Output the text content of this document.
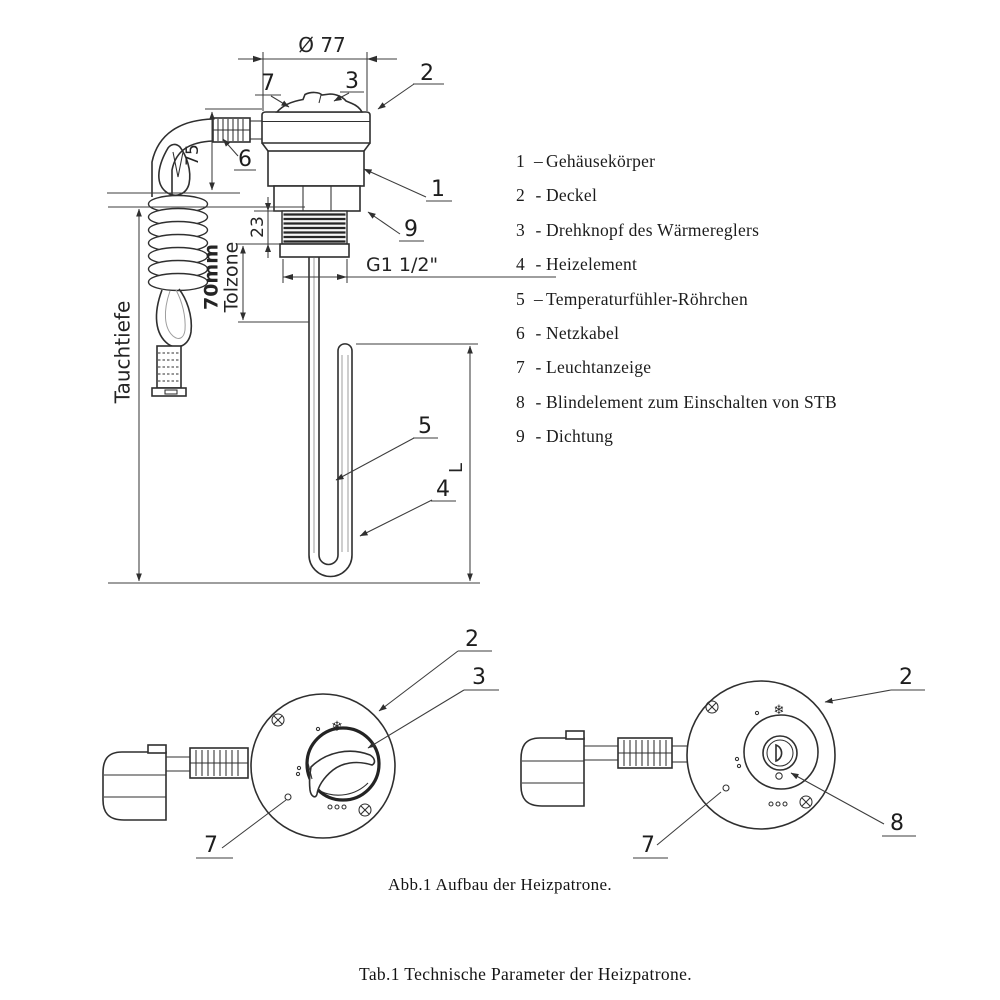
Ø 77
75
23
70mm
Tolzone	G1 1/2"
Tauchtiefe
L
7	3	2
6
1
9
5
4
❄
2
3
7
❄
2
8
7
1 – Gehäusekörper
2 - Deckel
3 - Drehknopf des Wärmereglers
4 - Heizelement
5 – Temperaturfühler-Röhrchen
6 - Netzkabel
7 - Leuchtanzeige
8 - Blindelement zum Einschalten von STB
9 - Dichtung
Abb.1 Aufbau der Heizpatrone.
Tab.1 Technische Parameter der Heizpatrone.
